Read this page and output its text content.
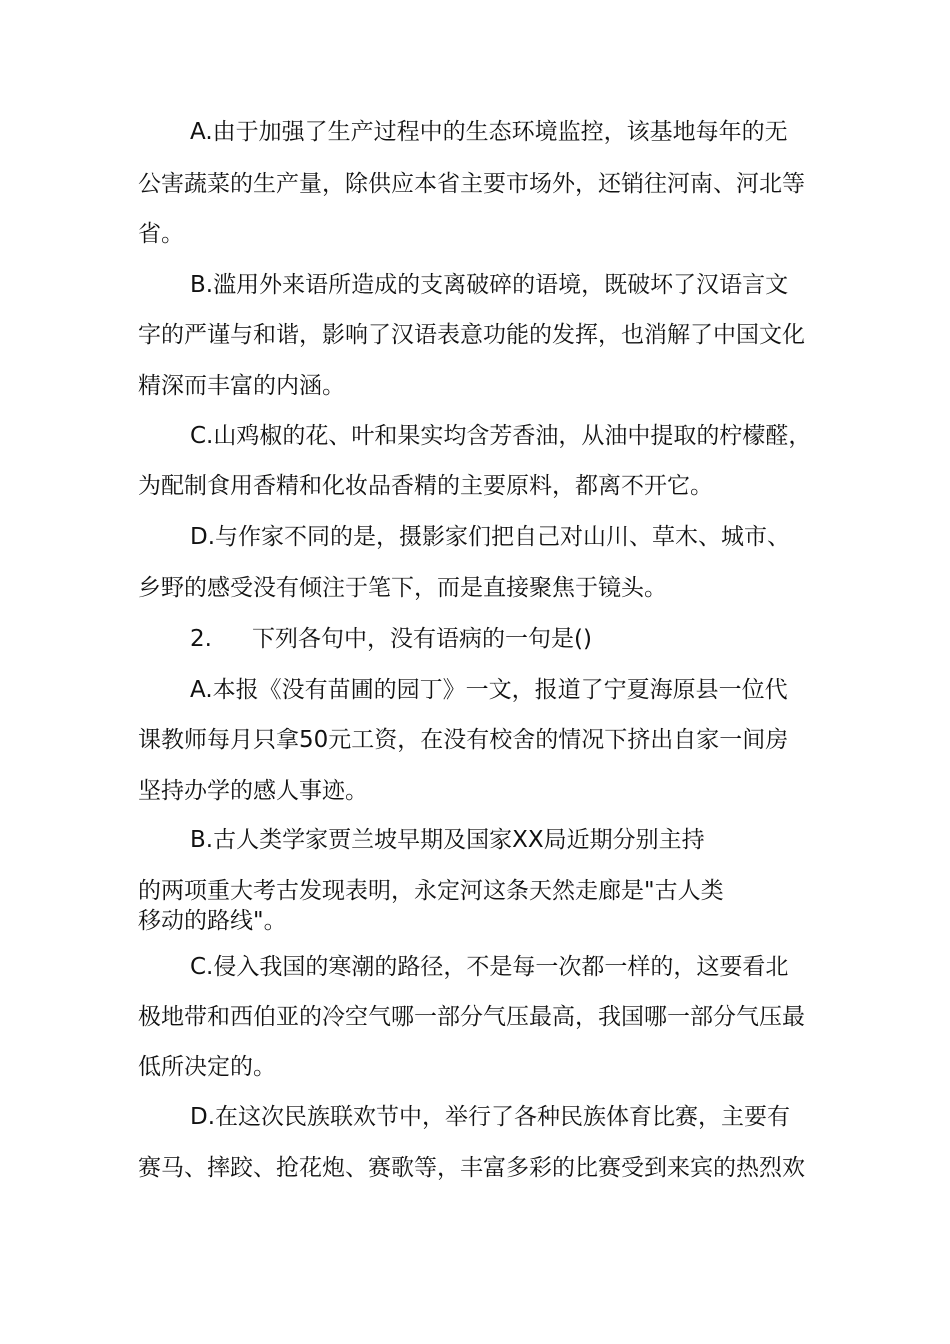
A.由于加强了生产过程中的生态环境监控，该基地每年的无
公害蔬菜的生产量，除供应本省主要市场外，还销往河南、河北等
省。
B.滥用外来语所造成的支离破碎的语境，既破坏了汉语言文
字的严谨与和谐，影响了汉语表意功能的发挥，也消解了中国文化
精深而丰富的内涵。
C.山鸡椒的花、叶和果实均含芳香油，从油中提取的柠檬醛，
为配制食用香精和化妆品香精的主要原料，都离不开它。
D.与作家不同的是，摄影家们把自己对山川、草木、城市、
乡野的感受没有倾注于笔下，而是直接聚焦于镜头。
2. 下列各句中，没有语病的一句是()
A.本报《没有苗圃的园丁》一文，报道了宁夏海原县一位代
课教师每月只拿50元工资，在没有校舍的情况下挤出自家一间房
坚持办学的感人事迹。
B.古人类学家贾兰坡早期及国家XX局近期分别主持
的两项重大考古发现表明，永定河这条天然走廊是"古人类
移动的路线"。
C.侵入我国的寒潮的路径，不是每一次都一样的，这要看北
极地带和西伯亚的冷空气哪一部分气压最高，我国哪一部分气压最
低所决定的。
D.在这次民族联欢节中，举行了各种民族体育比赛，主要有
赛马、摔跤、抢花炮、赛歌等，丰富多彩的比赛受到来宾的热烈欢
